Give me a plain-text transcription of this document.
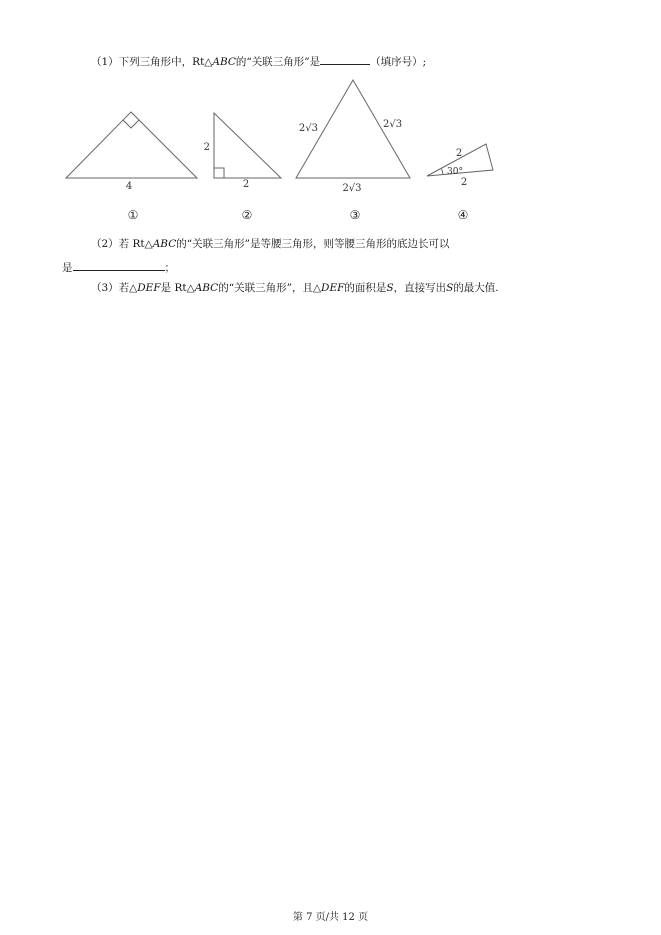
（1）下列三角形中，Rt△ABC的“关联三角形”是	（填序号）;
4
①
2
2
②
2√3	2√3
2√3
③
2
30°
2
④
（2）若 Rt△ABC的“关联三角形”是等腰三角形，则等腰三角形的底边长可以
是	；
（3）若△DEF是 Rt△ABC的“关联三角形”，且△DEF的面积是S，直接写出S的最大值.
第 7 页/共 12 页
